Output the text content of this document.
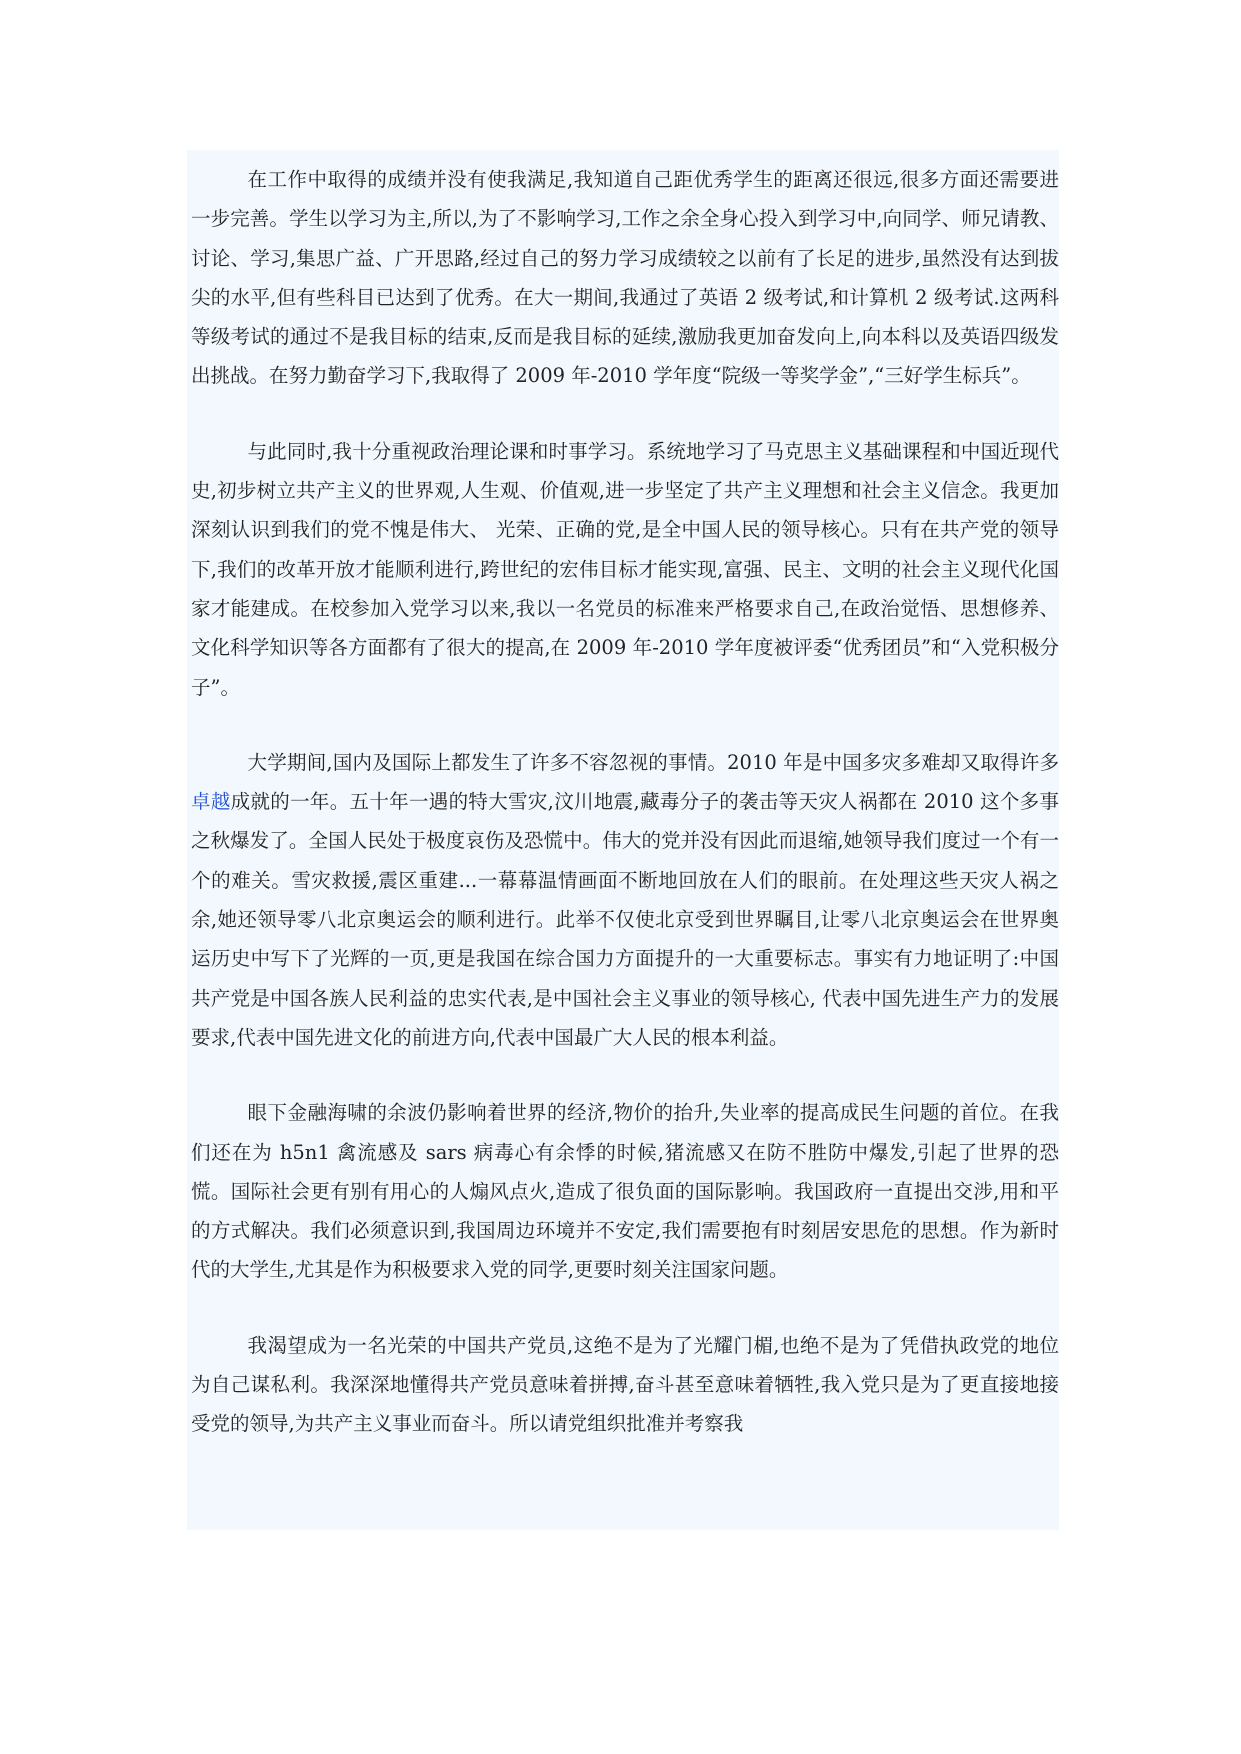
在工作中取得的成绩并没有使我满足,我知道自己距优秀学生的距离还很远,很多方面还需要进一步完善。学生以学习为主,所以,为了不影响学习,工作之余全身心投入到学习中,向同学、师兄请教、讨论、学习,集思广益、广开思路,经过自己的努力学习成绩较之以前有了长足的进步,虽然没有达到拔尖的水平,但有些科目已达到了优秀。在大一期间,我通过了英语 2 级考试,和计算机 2 级考试.这两科等级考试的通过不是我目标的结束,反而是我目标的延续,激励我更加奋发向上,向本科以及英语四级发出挑战。在努力勤奋学习下,我取得了 2009 年-2010 学年度“院级一等奖学金”,“三好学生标兵”。

与此同时,我十分重视政治理论课和时事学习。系统地学习了马克思主义基础课程和中国近现代史,初步树立共产主义的世界观,人生观、价值观,进一步坚定了共产主义理想和社会主义信念。我更加深刻认识到我们的党不愧是伟大、 光荣、正确的党,是全中国人民的领导核心。只有在共产党的领导下,我们的改革开放才能顺利进行,跨世纪的宏伟目标才能实现,富强、民主、文明的社会主义现代化国家才能建成。在校参加入党学习以来,我以一名党员的标准来严格要求自己,在政治觉悟、思想修养、文化科学知识等各方面都有了很大的提高,在 2009 年-2010 学年度被评委“优秀团员”和“入党积极分子”。

大学期间,国内及国际上都发生了许多不容忽视的事情。2010 年是中国多灾多难却又取得许多卓越成就的一年。五十年一遇的特大雪灾,汶川地震,藏毒分子的袭击等天灾人祸都在 2010 这个多事之秋爆发了。全国人民处于极度哀伤及恐慌中。伟大的党并没有因此而退缩,她领导我们度过一个有一个的难关。雪灾救援,震区重建...一幕幕温情画面不断地回放在人们的眼前。在处理这些天灾人祸之余,她还领导零八北京奥运会的顺利进行。此举不仅使北京受到世界瞩目,让零八北京奥运会在世界奥运历史中写下了光辉的一页,更是我国在综合国力方面提升的一大重要标志。事实有力地证明了:中国共产党是中国各族人民利益的忠实代表,是中国社会主义事业的领导核心, 代表中国先进生产力的发展要求,代表中国先进文化的前进方向,代表中国最广大人民的根本利益。

眼下金融海啸的余波仍影响着世界的经济,物价的抬升,失业率的提高成民生问题的首位。在我们还在为 h5n1 禽流感及 sars 病毒心有余悸的时候,猪流感又在防不胜防中爆发,引起了世界的恐慌。国际社会更有别有用心的人煽风点火,造成了很负面的国际影响。我国政府一直提出交涉,用和平的方式解决。我们必须意识到,我国周边环境并不安定,我们需要抱有时刻居安思危的思想。作为新时代的大学生,尤其是作为积极要求入党的同学,更要时刻关注国家问题。

我渴望成为一名光荣的中国共产党员,这绝不是为了光耀门楣,也绝不是为了凭借执政党的地位为自己谋私利。我深深地懂得共产党员意味着拼搏,奋斗甚至意味着牺牲,我入党只是为了更直接地接受党的领导,为共产主义事业而奋斗。所以请党组织批准并考察我
